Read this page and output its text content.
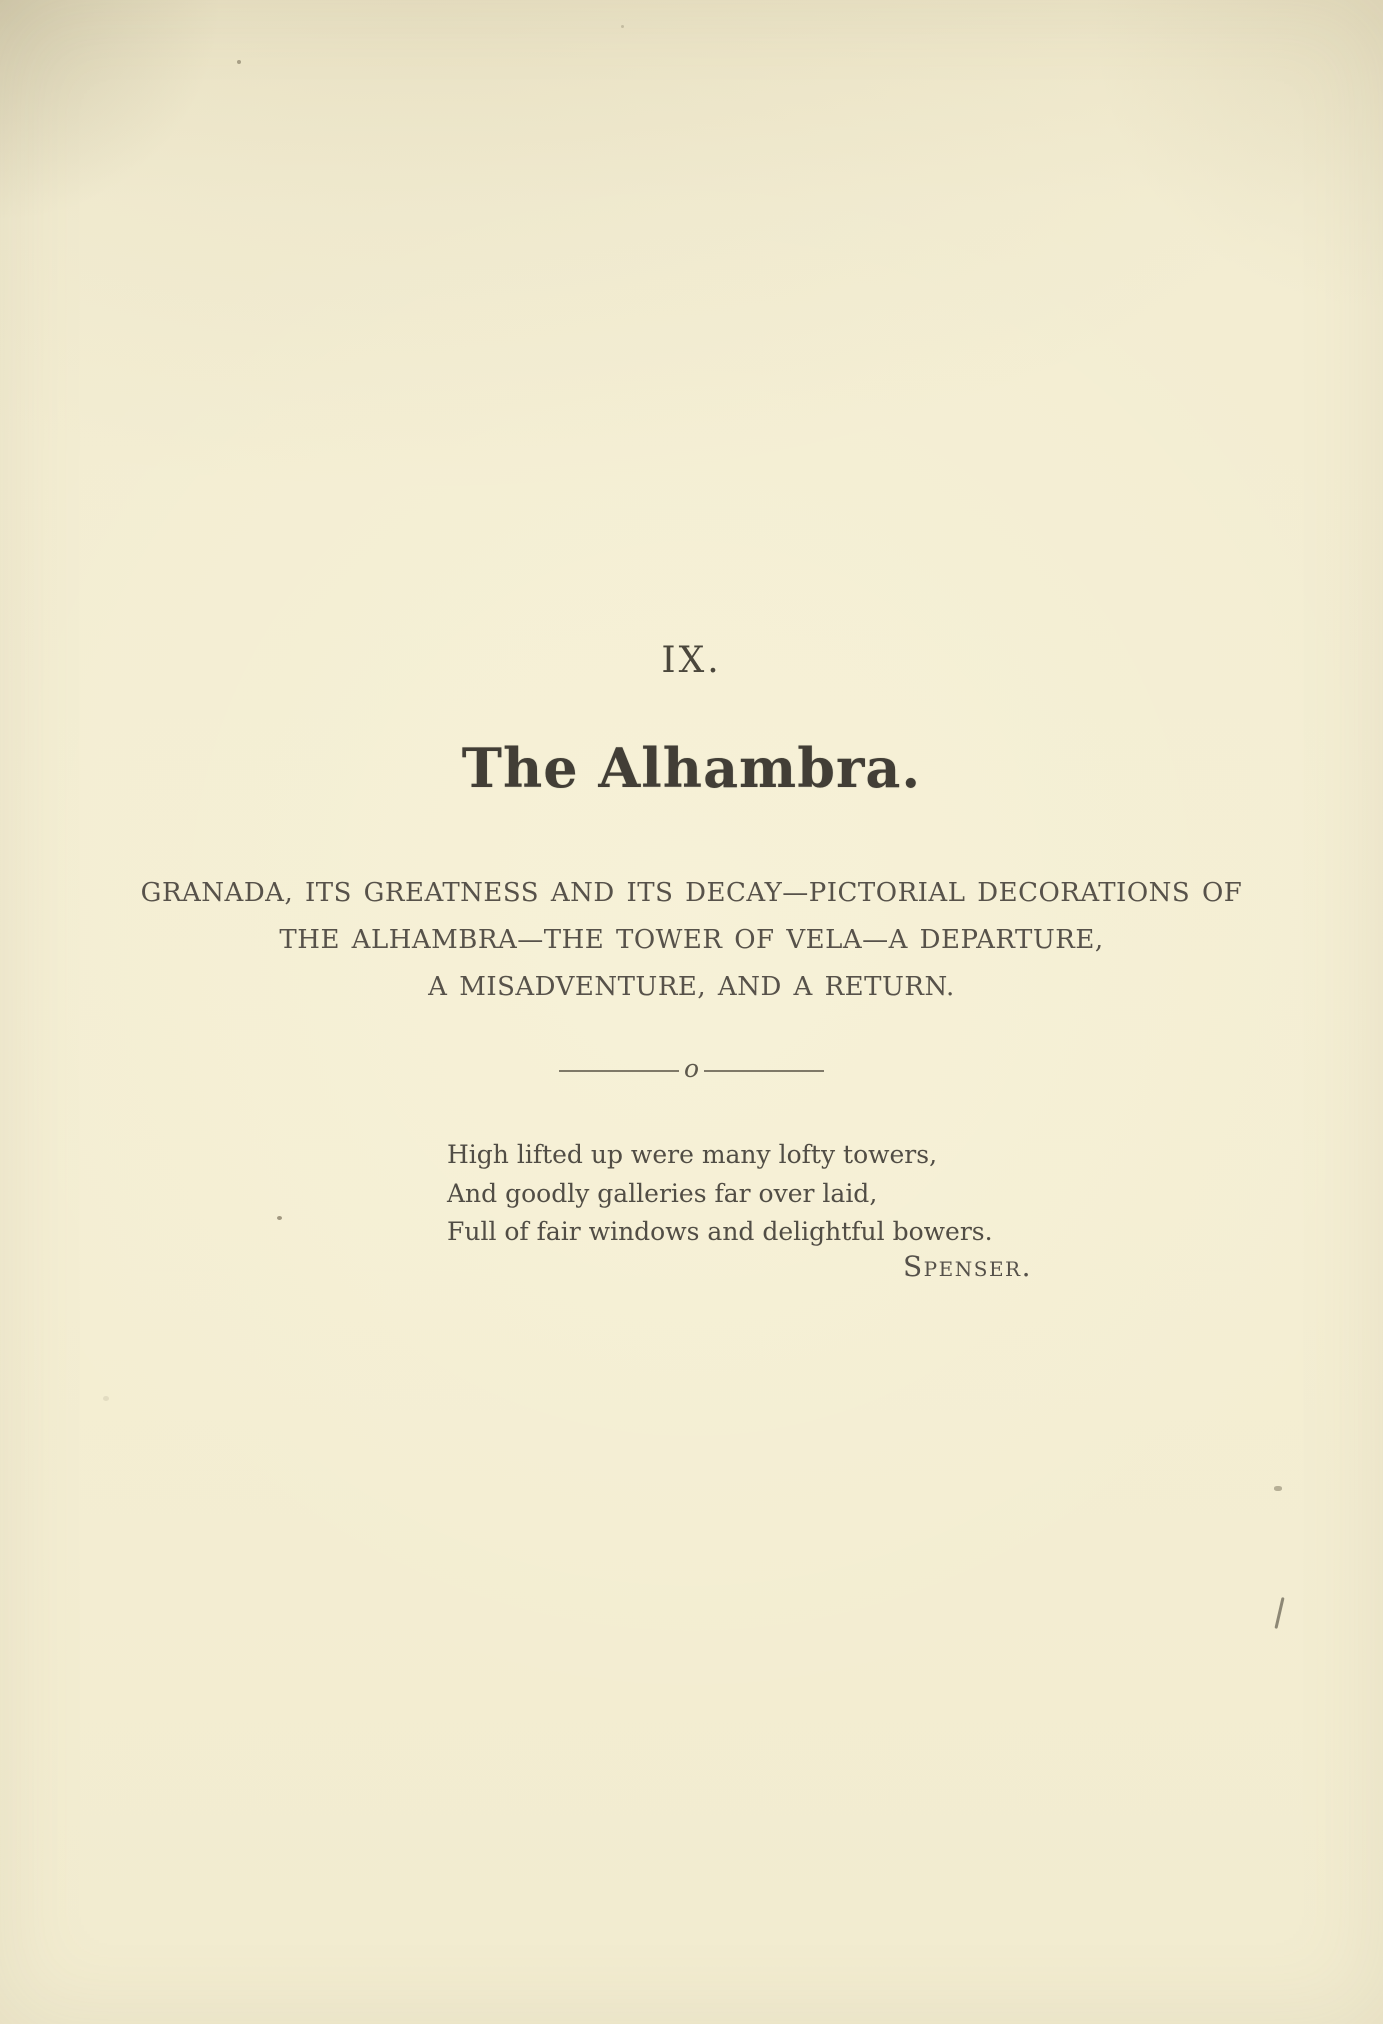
IX.
The Alhambra.
GRANADA, ITS GREATNESS AND ITS DECAY—PICTORIAL DECORATIONS OF
THE ALHAMBRA—THE TOWER OF VELA—A DEPARTURE,
A MISADVENTURE, AND A RETURN.
o
High lifted up were many lofty towers,
And goodly galleries far over laid,
Full of fair windows and delightful bowers.
Spenser.
